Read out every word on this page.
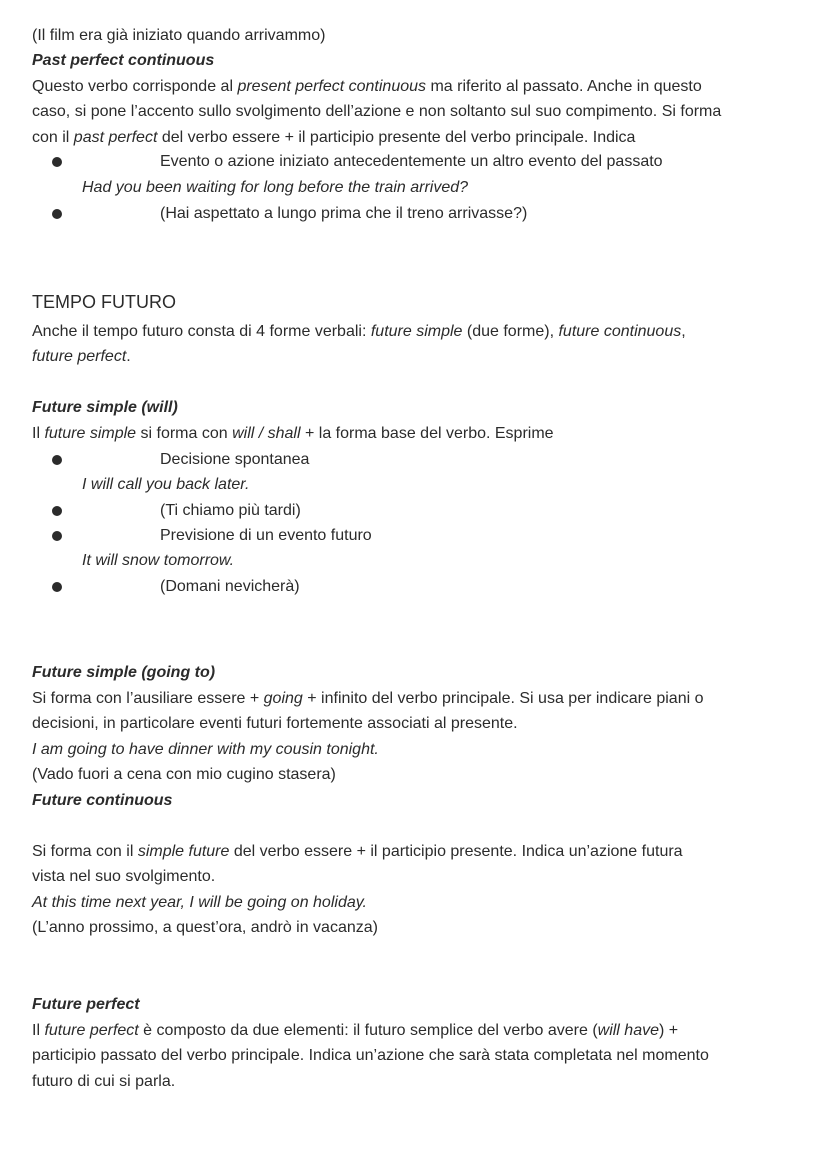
(Il film era già iniziato quando arrivammo)
Past perfect continuous
Questo verbo corrisponde al present perfect continuous ma riferito al passato. Anche in questo
caso, si pone l’accento sullo svolgimento dell’azione e non soltanto sul suo compimento. Si forma
con il past perfect del verbo essere + il participio presente del verbo principale. Indica
Evento o azione iniziato antecedentemente un altro evento del passato
Had you been waiting for long before the train arrived?
(Hai aspettato a lungo prima che il treno arrivasse?)
TEMPO FUTURO
Anche il tempo futuro consta di 4 forme verbali: future simple (due forme), future continuous,
future perfect.
Future simple (will)
Il future simple si forma con will / shall + la forma base del verbo. Esprime
Decisione spontanea
I will call you back later.
(Ti chiamo più tardi)
Previsione di un evento futuro
It will snow tomorrow.
(Domani nevicherà)
Future simple (going to)
Si forma con l’ausiliare essere + going + infinito del verbo principale. Si usa per indicare piani o
decisioni, in particolare eventi futuri fortemente associati al presente.
I am going to have dinner with my cousin tonight.
(Vado fuori a cena con mio cugino stasera)
Future continuous
Si forma con il simple future del verbo essere + il participio presente. Indica un’azione futura
vista nel suo svolgimento.
At this time next year, I will be going on holiday.
(L’anno prossimo, a quest’ora, andrò in vacanza)
Future perfect
Il future perfect è composto da due elementi: il futuro semplice del verbo avere (will have) +
participio passato del verbo principale. Indica un’azione che sarà stata completata nel momento
futuro di cui si parla.
